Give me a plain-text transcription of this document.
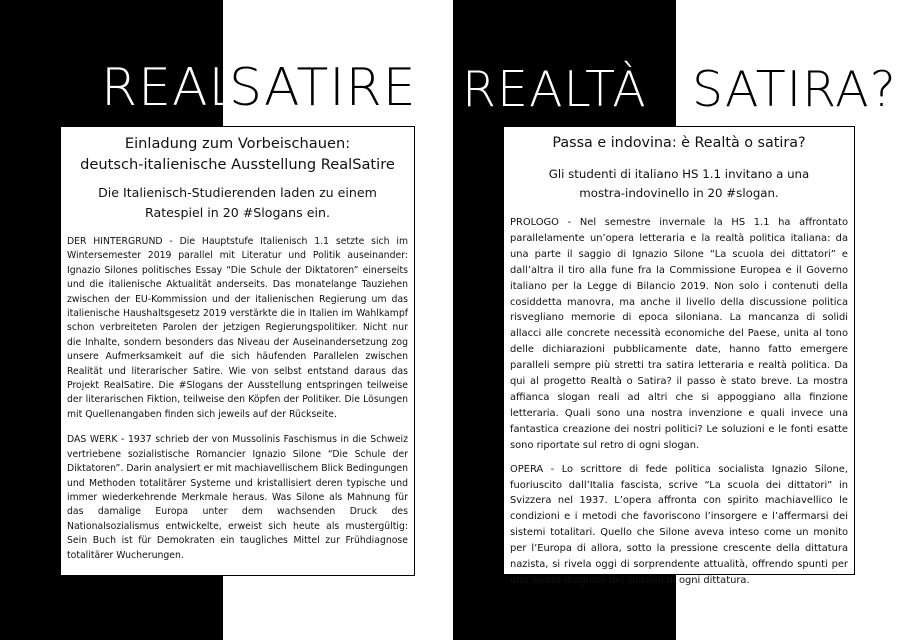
REAL
SATIRE
Einladung zum Vorbeischauen:
deutsch-italienische Ausstellung RealSatire
Die Italienisch-Studierenden laden zu einem
Ratespiel in 20 #Slogans ein.

DER HINTERGRUND - Die Hauptstufe Italienisch 1.1 setzte sich im Wintersemester 2019 parallel mit Literatur und Politik auseinander: Ignazio Silones politisches Essay “Die Schule der Diktatoren” einerseits und die italienische Aktualität anderseits. Das monatelange Tauziehen zwischen der EU-Kommission und der italienischen Regierung um das italienische Haushaltsgesetz 2019 verstärkte die in Italien im Wahlkampf schon verbreiteten Parolen der jetzigen Regierungspolitiker. Nicht nur die Inhalte, sondern besonders das Niveau der Auseinandersetzung zog unsere Aufmerksamkeit auf die sich häufenden Parallelen zwischen Realität und literarischer Satire. Wie von selbst entstand daraus das Projekt RealSatire. Die #Slogans der Ausstellung entspringen teilweise der literarischen Fiktion, teilweise den Köpfen der Politiker. Die Lösungen mit Quellenangaben finden sich jeweils auf der Rückseite.

DAS WERK - 1937 schrieb der von Mussolinis Faschismus in die Schweiz vertriebene sozialistische Romancier Ignazio Silone “Die Schule der Diktatoren”. Darin analysiert er mit machiavellischem Blick Bedingungen und Methoden totalitärer Systeme und kristallisiert deren typische und immer wiederkehrende Merkmale heraus. Was Silone als Mahnung für das damalige Europa unter dem wachsenden Druck des Nationalsozialismus entwickelte, erweist sich heute als mustergültig: Sein Buch ist für Demokraten ein taugliches Mittel zur Frühdiagnose totalitärer Wucherungen.

REALTÀ o SATIRA?
Passa e indovina: è Realtà o satira?
Gli studenti di italiano HS 1.1 invitano a una
mostra-indovinello in 20 #slogan.

PROLOGO - Nel semestre invernale la HS 1.1 ha affrontato parallelamente un’opera letteraria e la realtà politica italiana: da una parte il saggio di Ignazio Silone “La scuola dei dittatori” e dall’altra il tiro alla fune fra la Commissione Europea e il Governo italiano per la Legge di Bilancio 2019. Non solo i contenuti della cosiddetta manovra, ma anche il livello della discussione politica risvegliano memorie di epoca siloniana. La mancanza di solidi allacci alle concrete necessità economiche del Paese, unita al tono delle dichiarazioni pubblicamente date, hanno fatto emergere paralleli sempre più stretti tra satira letteraria e realtà politica. Da qui al progetto Realtà o Satira? il passo è stato breve. La mostra affianca slogan reali ad altri che si appoggiano alla finzione letteraria. Quali sono una nostra invenzione e quali invece una fantastica creazione dei nostri politici? Le soluzioni e le fonti esatte sono riportate sul retro di ogni slogan.

OPERA - Lo scrittore di fede politica socialista Ignazio Silone, fuoriuscito dall’Italia fascista, scrive “La scuola dei dittatori” in Svizzera nel 1937. L’opera affronta con spirito machiavellico le condizioni e i metodi che favoriscono l’insorgere e l’affermarsi dei sistemi totalitari. Quello che Silone aveva inteso come un monito per l’Europa di allora, sotto la pressione crescente della dittatura nazista, si rivela oggi di sorprendente attualità, offrendo spunti per una lucida diagnosi dei sintomi di ogni dittatura.
